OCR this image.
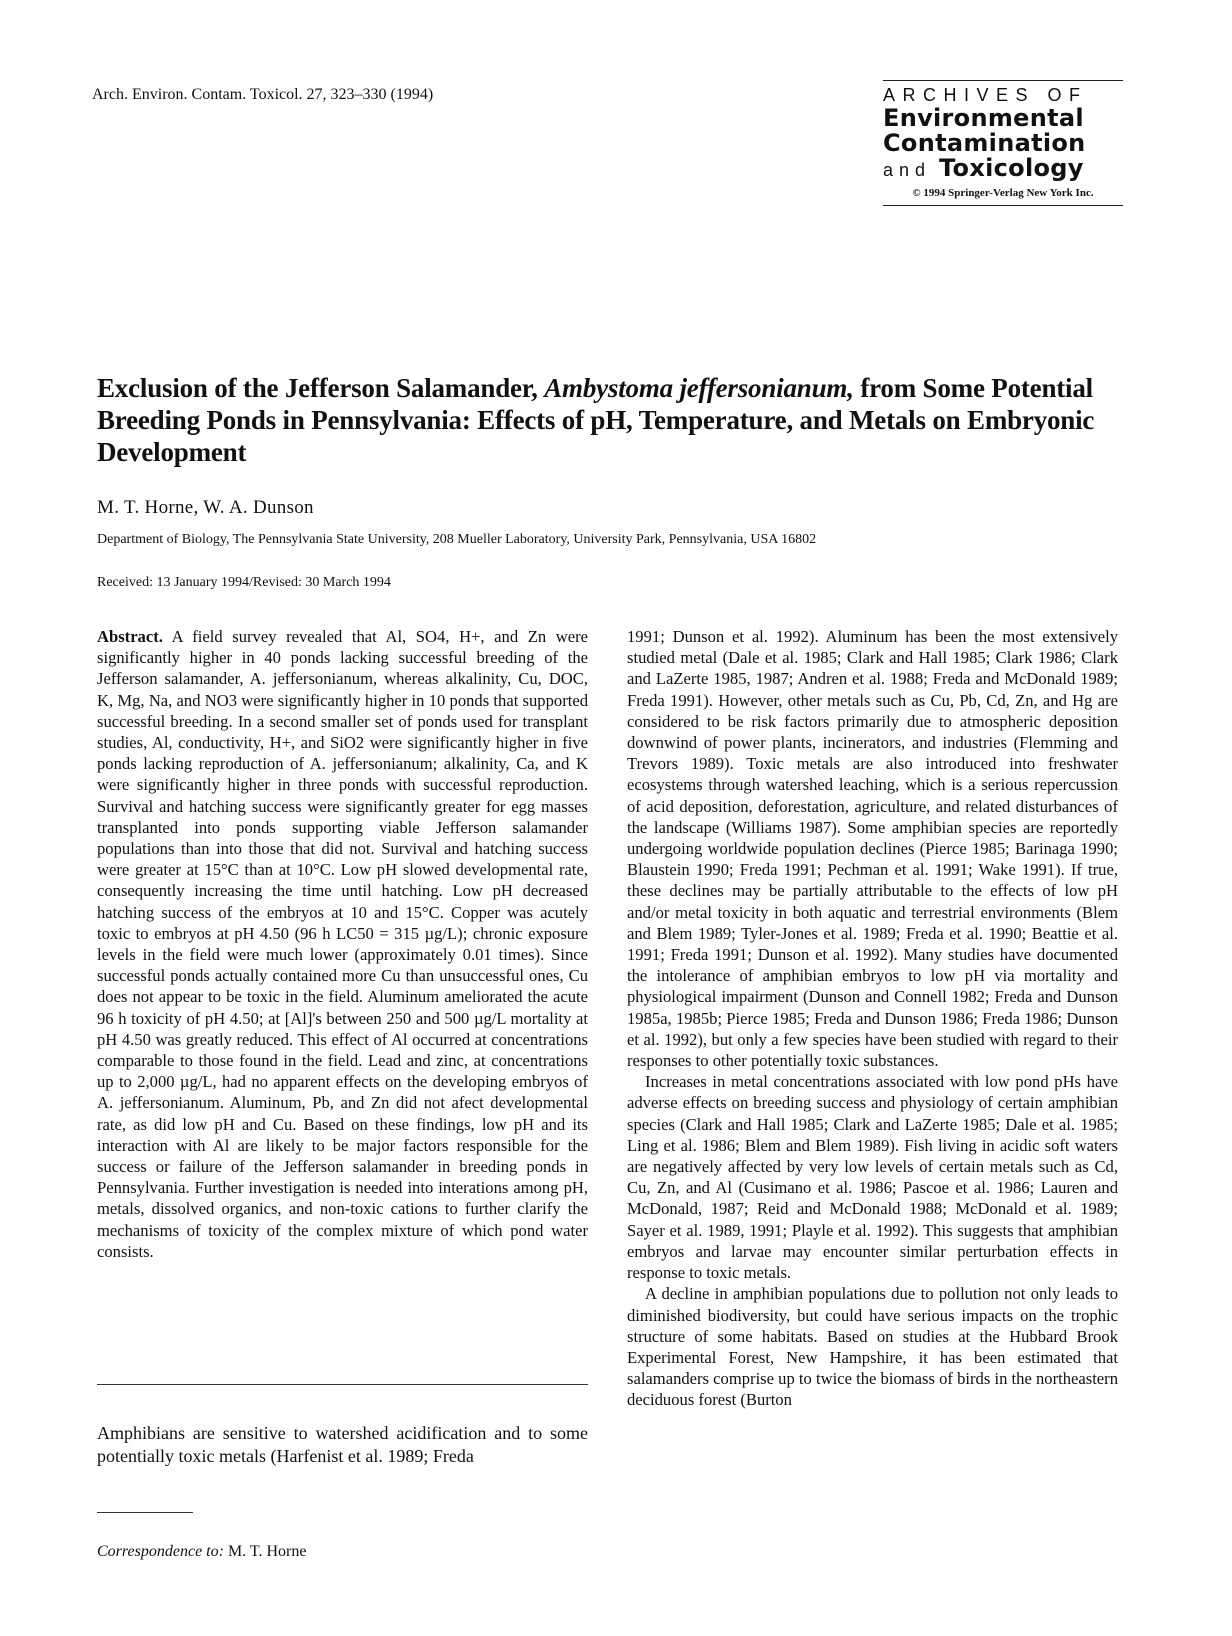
Arch. Environ. Contam. Toxicol. 27, 323–330 (1994)	ARCHIVES OF
Environmental
Contamination
and Toxicology
© 1994 Springer-Verlag New York Inc.
Exclusion of the Jefferson Salamander, Ambystoma jeffersonianum, from Some Potential Breeding Ponds in Pennsylvania: Effects of pH, Temperature, and Metals on Embryonic Development
M. T. Horne, W. A. Dunson
Department of Biology, The Pennsylvania State University, 208 Mueller Laboratory, University Park, Pennsylvania, USA 16802
Received: 13 January 1994/Revised: 30 March 1994

Abstract. A field survey revealed that Al, SO4, H+, and Zn were significantly higher in 40 ponds lacking successful breeding of the Jefferson salamander, A. jeffersonianum, whereas alkalinity, Cu, DOC, K, Mg, Na, and NO3 were significantly higher in 10 ponds that supported successful breeding. In a second smaller set of ponds used for transplant studies, Al, conductivity, H+, and SiO2 were significantly higher in five ponds lacking reproduction of A. jeffersonianum; alkalinity, Ca, and K were significantly higher in three ponds with successful reproduction. Survival and hatching success were significantly greater for egg masses transplanted into ponds supporting viable Jefferson salamander populations than into those that did not. Survival and hatching success were greater at 15°C than at 10°C. Low pH slowed developmental rate, consequently increasing the time until hatching. Low pH decreased hatching success of the embryos at 10 and 15°C. Copper was acutely toxic to embryos at pH 4.50 (96 h LC50 = 315 µg/L); chronic exposure levels in the field were much lower (approximately 0.01 times). Since successful ponds actually contained more Cu than unsuccessful ones, Cu does not appear to be toxic in the field. Aluminum ameliorated the acute 96 h toxicity of pH 4.50; at [Al]'s between 250 and 500 µg/L mortality at pH 4.50 was greatly reduced. This effect of Al occurred at concentrations comparable to those found in the field. Lead and zinc, at concentrations up to 2,000 µg/L, had no apparent effects on the developing embryos of A. jeffersonianum. Aluminum, Pb, and Zn did not afect developmental rate, as did low pH and Cu. Based on these findings, low pH and its interaction with Al are likely to be major factors responsible for the success or failure of the Jefferson salamander in breeding ponds in Pennsylvania. Further investigation is needed into interations among pH, metals, dissolved organics, and non-toxic cations to further clarify the mechanisms of toxicity of the complex mixture of which pond water consists.

Amphibians are sensitive to watershed acidification and to some potentially toxic metals (Harfenist et al. 1989; Freda

Correspondence to: M. T. Horne

1991; Dunson et al. 1992). Aluminum has been the most extensively studied metal (Dale et al. 1985; Clark and Hall 1985; Clark 1986; Clark and LaZerte 1985, 1987; Andren et al. 1988; Freda and McDonald 1989; Freda 1991). However, other metals such as Cu, Pb, Cd, Zn, and Hg are considered to be risk factors primarily due to atmospheric deposition downwind of power plants, incinerators, and industries (Flemming and Trevors 1989). Toxic metals are also introduced into freshwater ecosystems through watershed leaching, which is a serious repercussion of acid deposition, deforestation, agriculture, and related disturbances of the landscape (Williams 1987). Some amphibian species are reportedly undergoing worldwide population declines (Pierce 1985; Barinaga 1990; Blaustein 1990; Freda 1991; Pechman et al. 1991; Wake 1991). If true, these declines may be partially attributable to the effects of low pH and/or metal toxicity in both aquatic and terrestrial environments (Blem and Blem 1989; Tyler-Jones et al. 1989; Freda et al. 1990; Beattie et al. 1991; Freda 1991; Dunson et al. 1992). Many studies have documented the intolerance of amphibian embryos to low pH via mortality and physiological impairment (Dunson and Connell 1982; Freda and Dunson 1985a, 1985b; Pierce 1985; Freda and Dunson 1986; Freda 1986; Dunson et al. 1992), but only a few species have been studied with regard to their responses to other potentially toxic substances.

Increases in metal concentrations associated with low pond pHs have adverse effects on breeding success and physiology of certain amphibian species (Clark and Hall 1985; Clark and LaZerte 1985; Dale et al. 1985; Ling et al. 1986; Blem and Blem 1989). Fish living in acidic soft waters are negatively affected by very low levels of certain metals such as Cd, Cu, Zn, and Al (Cusimano et al. 1986; Pascoe et al. 1986; Lauren and McDonald, 1987; Reid and McDonald 1988; McDonald et al. 1989; Sayer et al. 1989, 1991; Playle et al. 1992). This suggests that amphibian embryos and larvae may encounter similar perturbation effects in response to toxic metals.

A decline in amphibian populations due to pollution not only leads to diminished biodiversity, but could have serious impacts on the trophic structure of some habitats. Based on studies at the Hubbard Brook Experimental Forest, New Hampshire, it has been estimated that salamanders comprise up to twice the biomass of birds in the northeastern deciduous forest (Burton
